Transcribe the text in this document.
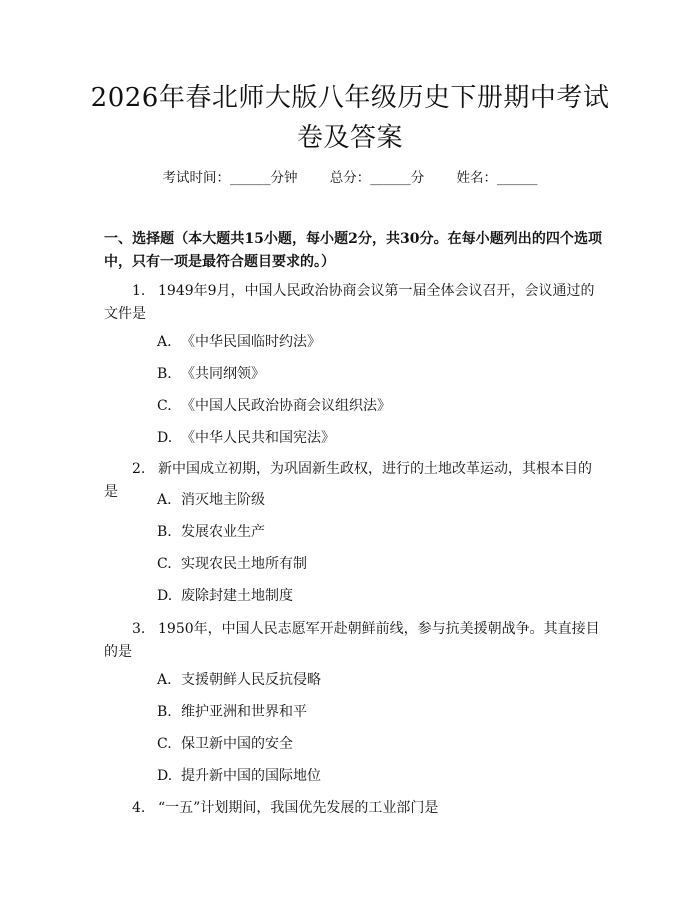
2026年春北师大版八年级历史下册期中考试
卷及答案
考试时间：______分钟 总分：______分 姓名：______
一、选择题（本大题共15小题，每小题2分，共30分。在每小题列出的四个选项中，只有一项是最符合题目要求的。）
1. 1949年9月，中国人民政治协商会议第一届全体会议召开，会议通过的文件是
A. 《中华民国临时约法》
B. 《共同纲领》
C. 《中国人民政治协商会议组织法》
D. 《中华人民共和国宪法》
2. 新中国成立初期，为巩固新生政权，进行的土地改革运动，其根本目的是	A. 消灭地主阶级
B. 发展农业生产
C. 实现农民土地所有制
D. 废除封建土地制度
3. 1950年，中国人民志愿军开赴朝鲜前线，参与抗美援朝战争。其直接目的是
A. 支援朝鲜人民反抗侵略
B. 维护亚洲和世界和平
C. 保卫新中国的安全
D. 提升新中国的国际地位
4. “一五”计划期间，我国优先发展的工业部门是
